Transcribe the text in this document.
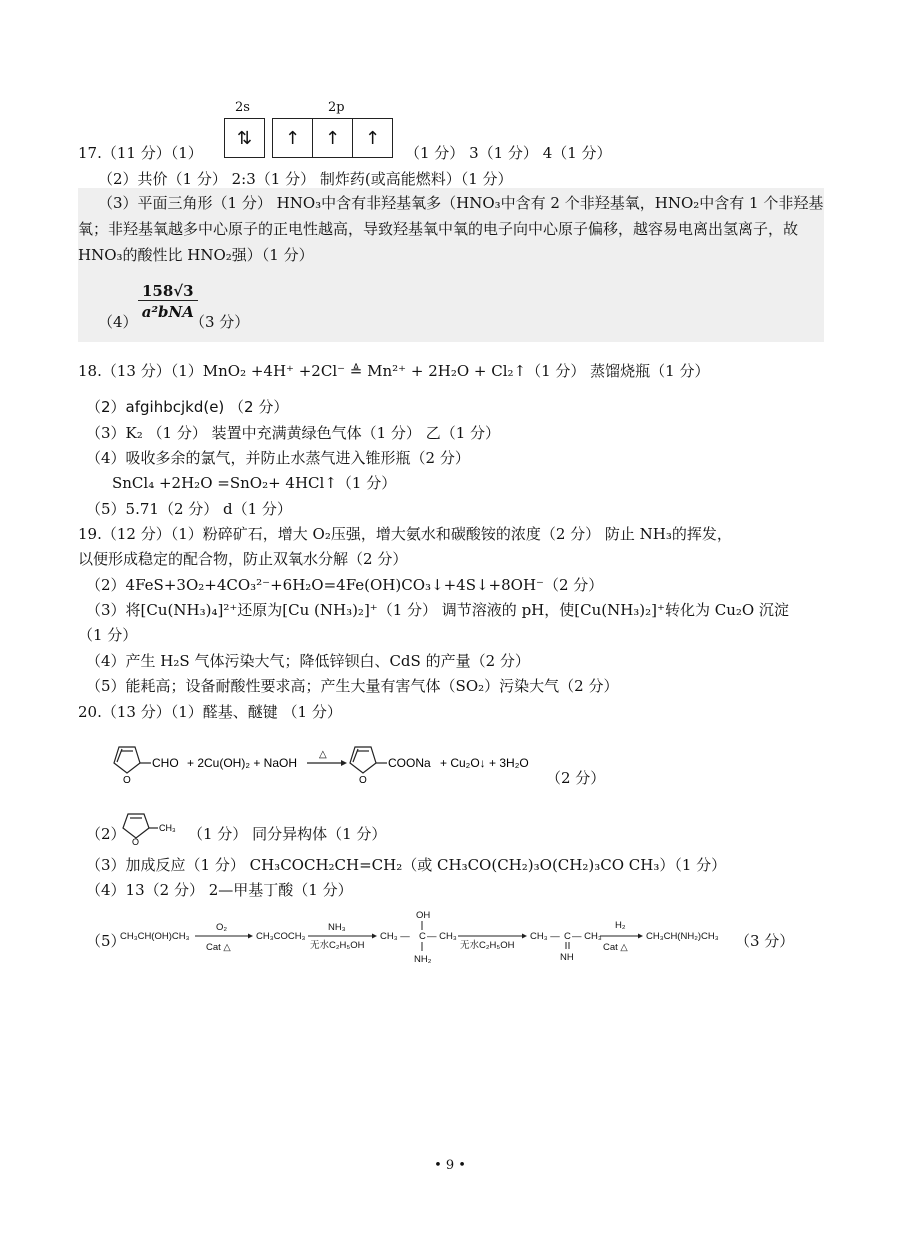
17.（11 分）（1）
2s	2p
⇅	↑	↑	↑
（1 分） 3（1 分） 4（1 分）
（2）共价（1 分） 2:3（1 分） 制炸药(或高能燃料）（1 分）
（3）平面三角形（1 分） HNO₃中含有非羟基氧多（HNO₃中含有 2 个非羟基氧，HNO₂中含有 1 个非羟基氧；非羟基氧越多中心原子的正电性越高，导致羟基氧中氧的电子向中心原子偏移，越容易电离出氢离子，故 HNO₃的酸性比 HNO₂强）（1 分）
（4）
158√3
a²bNA
（3 分）
18.（13 分）（1）MnO₂ +4H⁺ +2Cl⁻ ≜ Mn²⁺ + 2H₂O + Cl₂↑（1 分） 蒸馏烧瓶（1 分）
（2）afgihbcjkd(e) （2 分）
（3）K₂ （1 分） 装置中充满黄绿色气体（1 分） 乙（1 分）
（4）吸收多余的氯气，并防止水蒸气进入锥形瓶（2 分）
SnCl₄ +2H₂O =SnO₂+ 4HCl↑（1 分）
（5）5.71（2 分） d（1 分）
19.（12 分）（1）粉碎矿石，增大 O₂压强，增大氨水和碳酸铵的浓度（2 分） 防止 NH₃的挥发，
以便形成稳定的配合物，防止双氧水分解（2 分）
（2）4FeS+3O₂+4CO₃²⁻+6H₂O=4Fe(OH)CO₃↓+4S↓+8OH⁻（2 分）
（3）将[Cu(NH₃)₄]²⁺还原为[Cu (NH₃)₂]⁺（1 分） 调节溶液的 pH，使[Cu(NH₃)₂]⁺转化为 Cu₂O 沉淀
（1 分）
（4）产生 H₂S 气体污染大气；降低锌钡白、CdS 的产量（2 分）
（5）能耗高；设备耐酸性要求高；产生大量有害气体（SO₂）污染大气（2 分）
20.（13 分）（1）醛基、醚键 （1 分）
O
CHO + 2Cu(OH)₂ + NaOH
△
O
COONa + Cu₂O↓ + 3H₂O
（2 分）
（2） O
CH₃ （1 分） 同分异构体（1 分）
（3）加成反应（1 分） CH₃COCH₂CH=CH₂（或 CH₃CO(CH₂)₃O(CH₂)₃CO CH₃）（1 分）
（4）13（2 分） 2—甲基丁酸（1 分）
（5）
CH₃CH(OH)CH₃
O₂
Cat △
CH₃COCH₃
NH₃
无水C₂H₅OH
CH₃ — C — CH₃
OH
NH₂
无水C₂H₅OH
CH₃ — C — CH₃
NH
H₂
Cat △
CH₃CH(NH₂)CH₃ （3 分）
• 9 •
